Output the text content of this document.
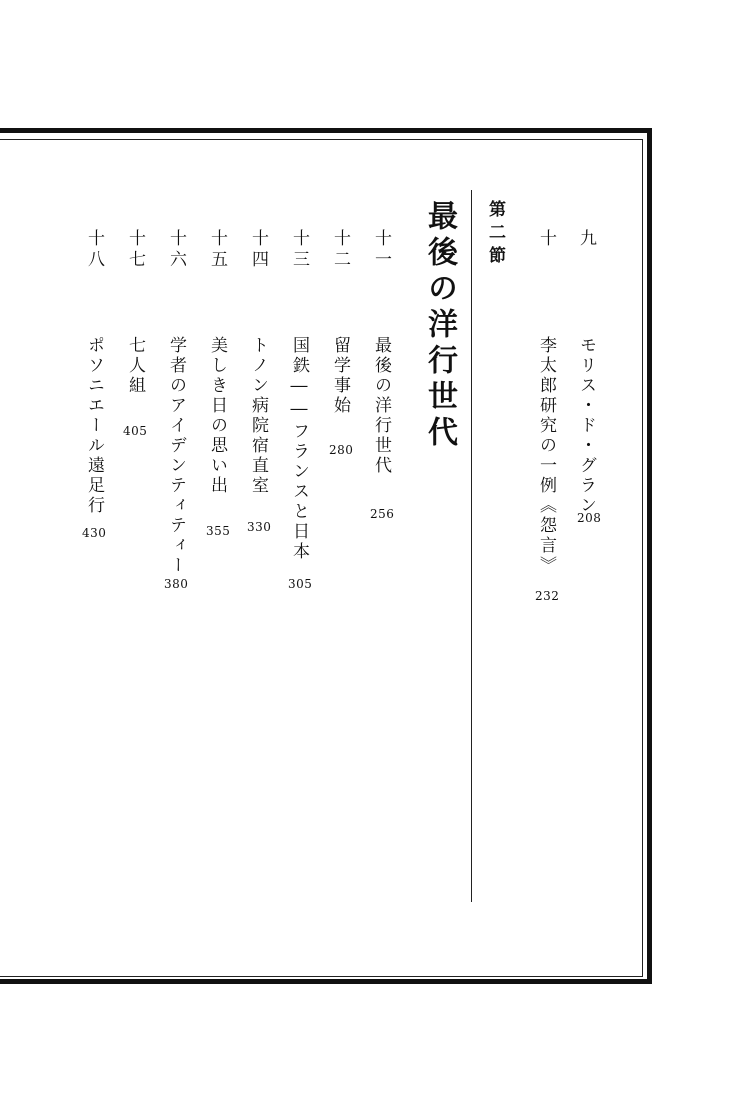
九
モリス・ド・グラン
208
十
李太郎研究の一例《怨言》
232
第二節
最後の洋行世代
十一
最後の洋行世代
256
十二
留学事始
280
十三
国鉄――フランスと日本
305
十四
トノン病院宿直室
330
十五
美しき日の思い出
355
十六
学者のアイデンティティー
380
十七
七人組
405
十八
ポソニエール遠足行
430
